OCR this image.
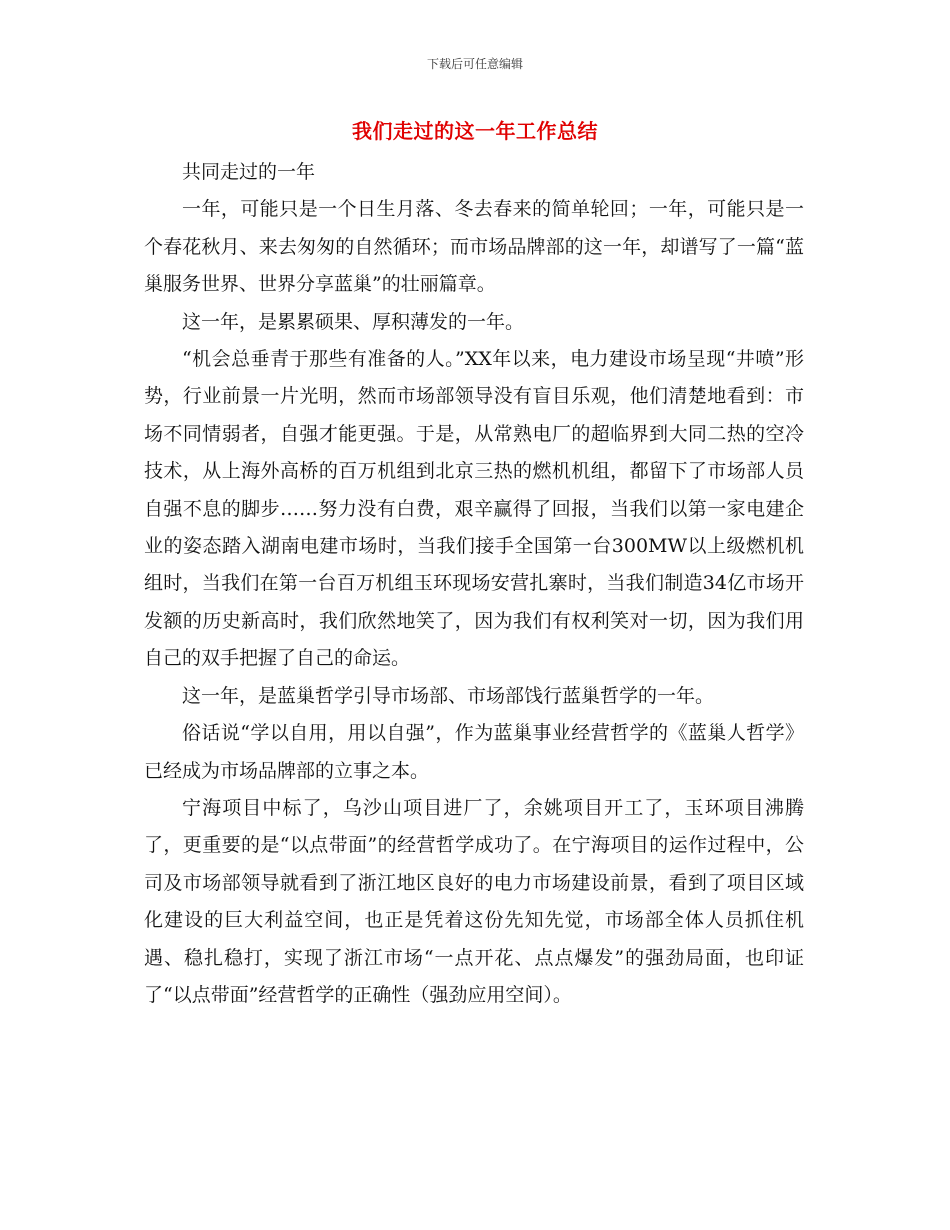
下载后可任意编辑
我们走过的这一年工作总结

共同走过的一年

一年，可能只是一个日生月落、冬去春来的简单轮回；一年，可能只是一个春花秋月、来去匆匆的自然循环；而市场品牌部的这一年，却谱写了一篇“蓝巢服务世界、世界分享蓝巢”的壮丽篇章。

这一年，是累累硕果、厚积薄发的一年。

“机会总垂青于那些有准备的人。”XX年以来，电力建设市场呈现“井喷”形势，行业前景一片光明，然而市场部领导没有盲目乐观，他们清楚地看到：市场不同情弱者，自强才能更强。于是，从常熟电厂的超临界到大同二热的空冷技术，从上海外高桥的百万机组到北京三热的燃机机组，都留下了市场部人员自强不息的脚步……努力没有白费，艰辛赢得了回报，当我们以第一家电建企业的姿态踏入湖南电建市场时，当我们接手全国第一台300MW以上级燃机机组时，当我们在第一台百万机组玉环现场安营扎寨时，当我们制造34亿市场开发额的历史新高时，我们欣然地笑了，因为我们有权利笑对一切，因为我们用自己的双手把握了自己的命运。

这一年，是蓝巢哲学引导市场部、市场部饯行蓝巢哲学的一年。

俗话说“学以自用，用以自强”，作为蓝巢事业经营哲学的《蓝巢人哲学》已经成为市场品牌部的立事之本。

宁海项目中标了，乌沙山项目进厂了，余姚项目开工了，玉环项目沸腾了，更重要的是“以点带面”的经营哲学成功了。在宁海项目的运作过程中，公司及市场部领导就看到了浙江地区良好的电力市场建设前景，看到了项目区域化建设的巨大利益空间，也正是凭着这份先知先觉，市场部全体人员抓住机遇、稳扎稳打，实现了浙江市场“一点开花、点点爆发”的强劲局面，也印证了“以点带面”经营哲学的正确性（强劲应用空间）。
